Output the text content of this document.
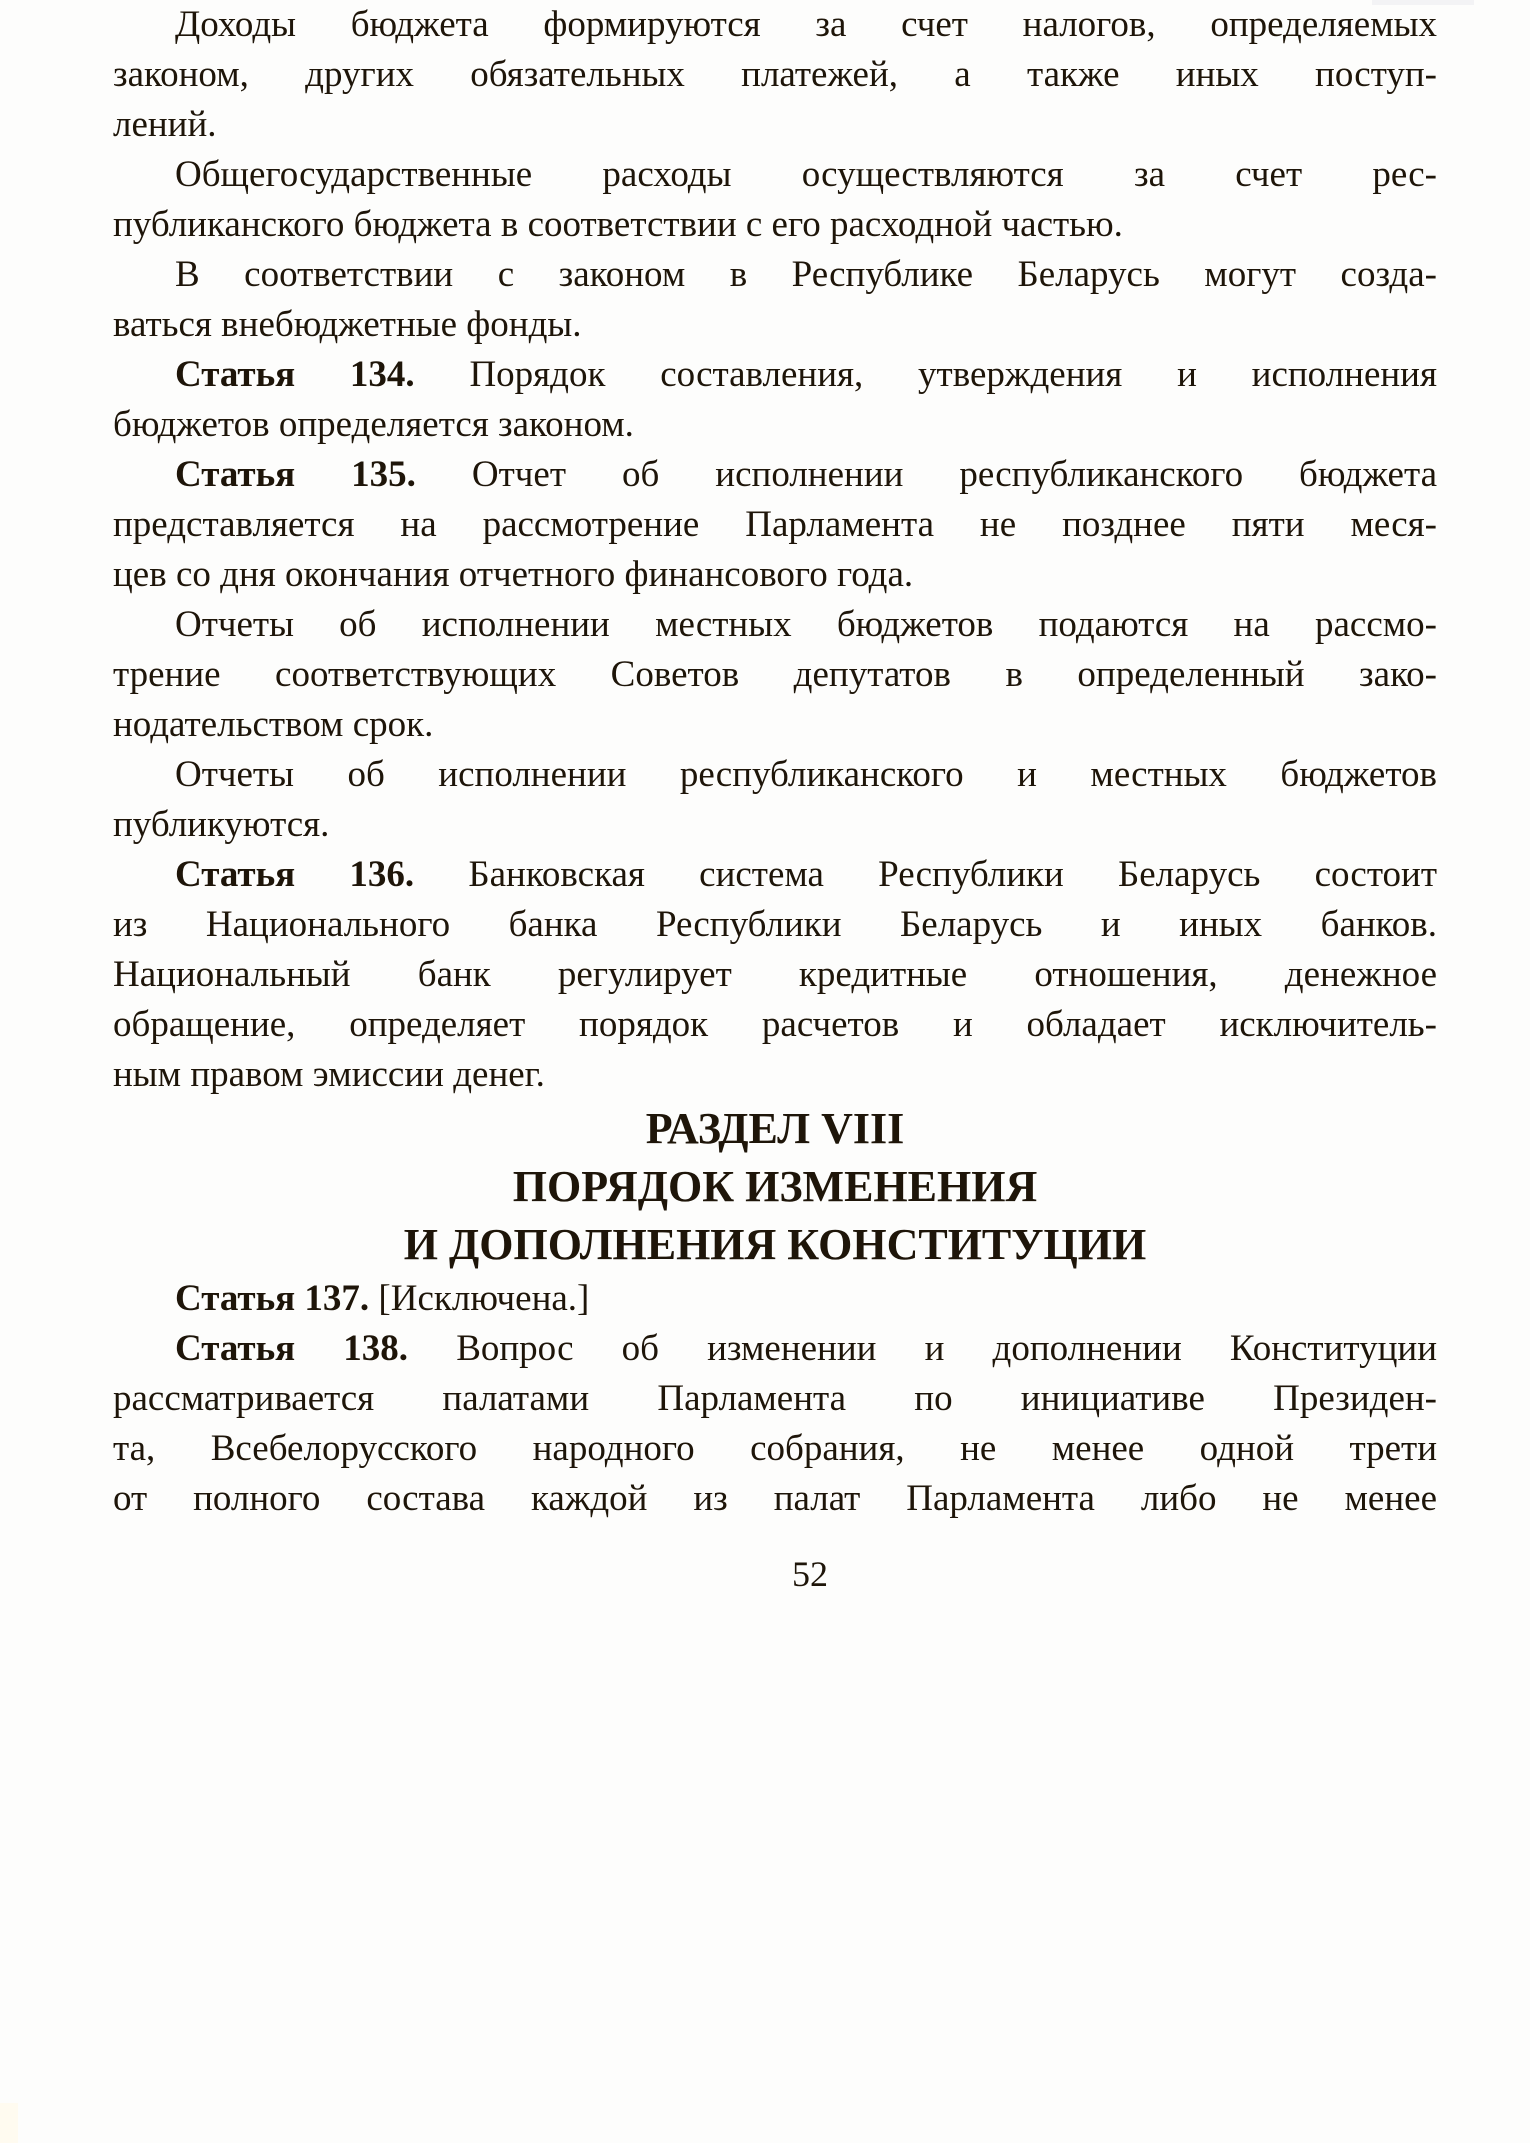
Доходы бюджета формируются за счет налогов, определяемых
законом, других обязательных платежей, а также иных поступ-
лений.

Общегосударственные расходы осуществляются за счет рес-
публиканского бюджета в соответствии с его расходной частью.

В соответствии с законом в Республике Беларусь могут созда-
ваться внебюджетные фонды.

Статья 134. Порядок составления, утверждения и исполнения
бюджетов определяется законом.

Статья 135. Отчет об исполнении республиканского бюджета
представляется на рассмотрение Парламента не позднее пяти меся-
цев со дня окончания отчетного финансового года.

Отчеты об исполнении местных бюджетов подаются на рассмо-
трение соответствующих Советов депутатов в определенный зако-
нодательством срок.

Отчеты об исполнении республиканского и местных бюджетов
публикуются.

Статья 136. Банковская система Республики Беларусь состоит
из Национального банка Республики Беларусь и иных банков.
Национальный банк регулирует кредитные отношения, денежное
обращение, определяет порядок расчетов и обладает исключитель-
ным правом эмиссии денег.

РАЗДЕЛ VIII
ПОРЯДОК ИЗМЕНЕНИЯ
И ДОПОЛНЕНИЯ КОНСТИТУЦИИ

Статья 137. [Исключена.]

Статья 138. Вопрос об изменении и дополнении Конституции
рассматривается палатами Парламента по инициативе Президен-
та, Всебелорусского народного собрания, не менее одной трети
от полного состава каждой из палат Парламента либо не менее

52
